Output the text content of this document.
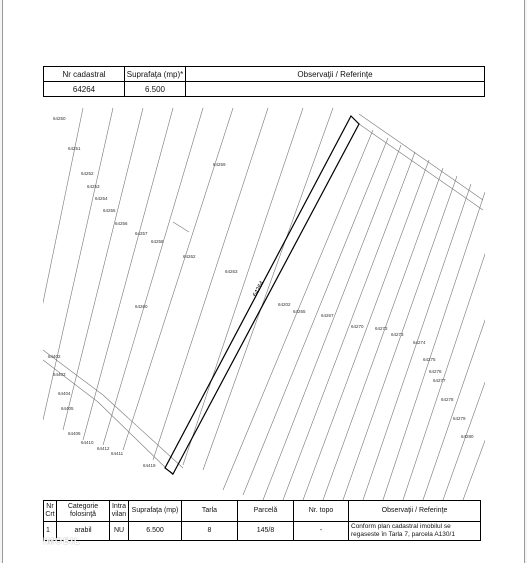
Nr cadastral	Suprafaţa (mp)*	Observaţii / Referinţe
64264	6.500	
64264
64250
64251
64252
64253
64254
64255
64256
64257
64258
64259
64262
64263
64260
64402
64403
64404
64405
64406
64410
64412
64411
64419
64202
64265
64267
64270	64272
64273
64274
64275
64276
64277
64278
64279
64280
Nr Crt	Categorie folosinţă	Intra vilan	Suprafaţa (mp)	Tarla	Parcelă	Nr. topo	Observaţii / Referinţe
1	arabil	NU	6.500	8	145/8	-	Conform plan cadastral imobilul se regaseste în Tarla 7, parcela A130/1
IMOBIL
